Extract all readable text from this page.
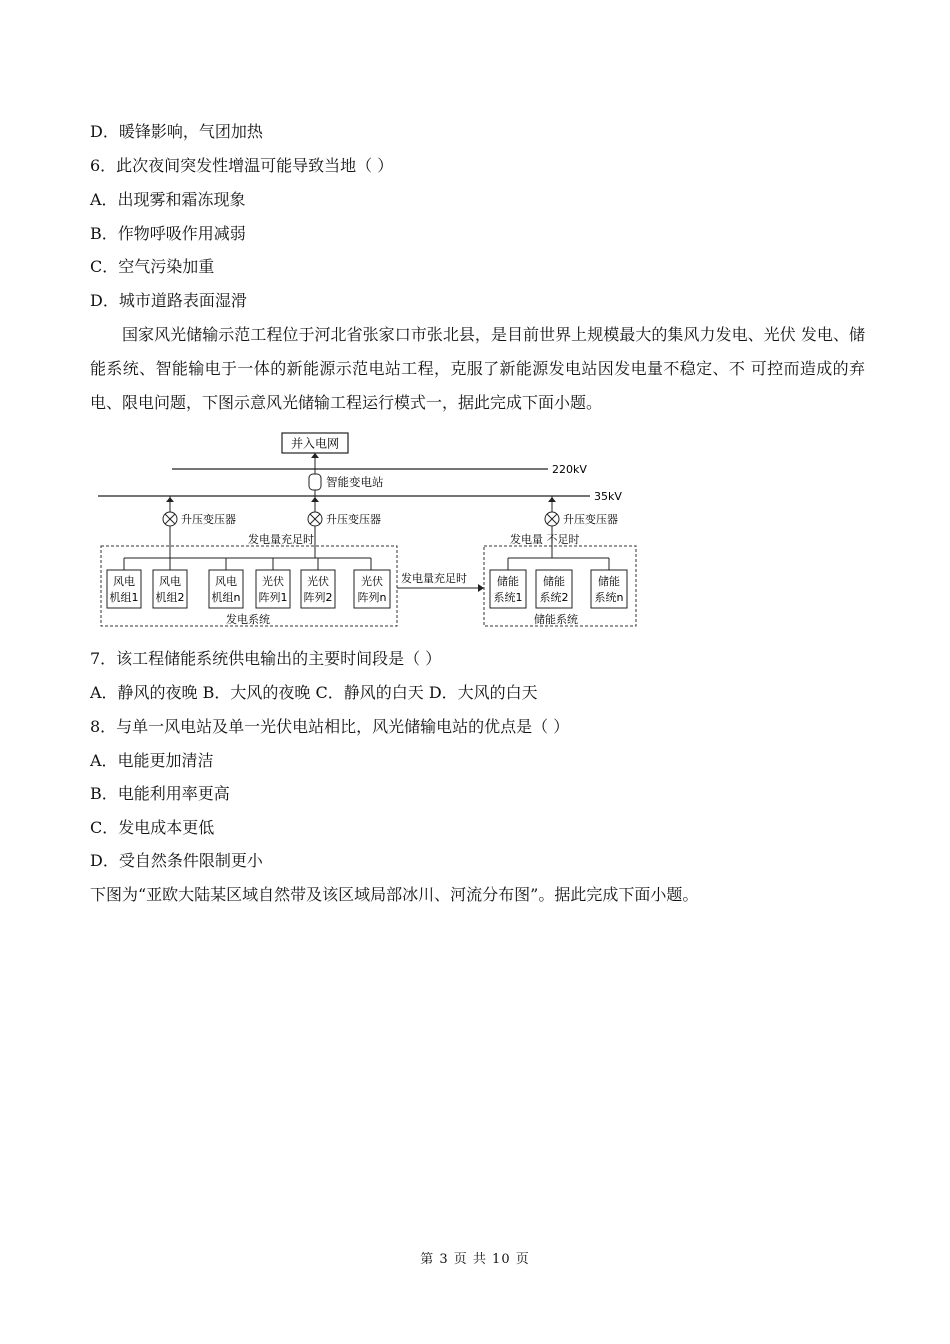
D．暖锋影响，气团加热
6．此次夜间突发性增温可能导致当地（ ）
A．出现雾和霜冻现象
B．作物呼吸作用减弱
C．空气污染加重
D．城市道路表面湿滑
国家风光储输示范工程位于河北省张家口市张北县，是目前世界上规模最大的集风力发电、光伏 发电、储能系统、智能输电于一体的新能源示范电站工程，克服了新能源发电站因发电量不稳定、不 可控而造成的弃电、限电问题，下图示意风光储输工程运行模式一，据此完成下面小题。
并入电网
220kV
智能变电站
35kV
升压变压器	升压变压器	升压变压器
发电量充足时	发电量 不足时
风电
机组1
风电
机组2
风电
机组n
光伏
阵列1
光伏
阵列2
光伏
阵列n
发电系统
发电量充足时	储能
系统1
储能
系统2
储能
系统n
储能系统
7．该工程储能系统供电输出的主要时间段是（ ）
A．静风的夜晚 B．大风的夜晚 C．静风的白天 D．大风的白天
8．与单一风电站及单一光伏电站相比，风光储输电站的优点是（ ）
A．电能更加清洁
B．电能利用率更高
C．发电成本更低
D．受自然条件限制更小
下图为“亚欧大陆某区域自然带及该区域局部冰川、河流分布图”。据此完成下面小题。
第 3 页 共 10 页
